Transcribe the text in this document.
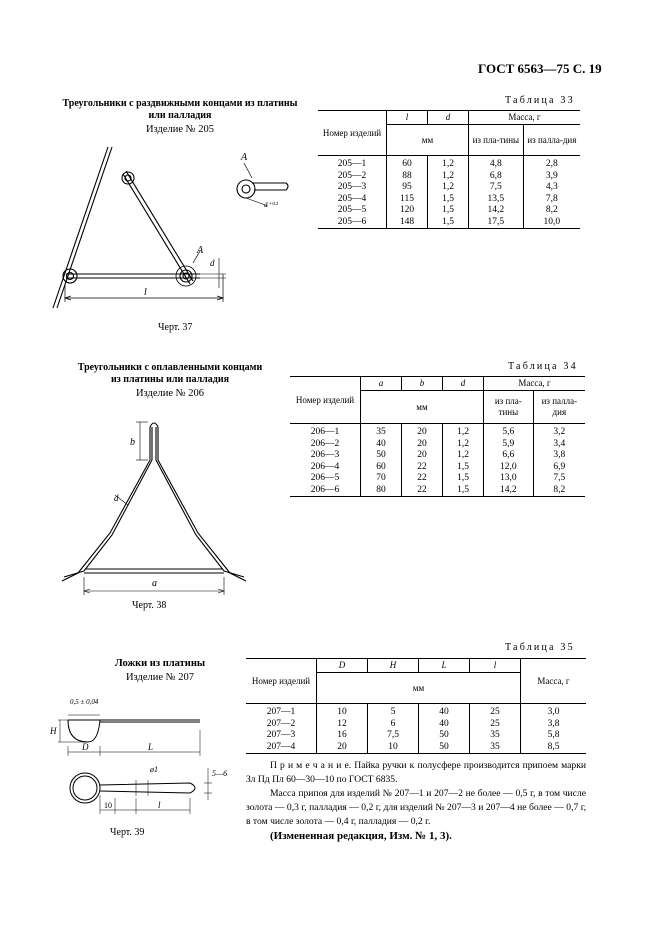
ГОСТ 6563—75 С. 19
Треугольники с раздвижными концами из платины
или палладия
Изделие № 205
А
А
d
l
d⁺⁰·³
Черт. 37
Таблица 33
Номер изделий	l	d	Масса, г	
	мм		из пла-тины	из палла-дия
205—1	60	1,2	4,8	2,8
205—2	88	1,2	6,8	3,9
205—3	95	1,2	7,5	4,3
205—4	115	1,5	13,5	7,8
205—5	120	1,5	14,2	8,2
205—6	148	1,5	17,5	10,0
Треугольники с оплавленными концами
из платины или палладия
Изделие № 206
b
a
d
Черт. 38
Таблица 34
Номер изделий	a	b	d	Масса, г	
	мм			из пла-тины	из палла-дия
206—1	35	20	1,2	5,6	3,2
206—2	40	20	1,2	5,9	3,4
206—3	50	20	1,2	6,6	3,8
206—4	60	22	1,5	12,0	6,9
206—5	70	22	1,5	13,0	7,5
206—6	80	22	1,5	14,2	8,2
Ложки из платины
Изделие № 207
0,5 ± 0,04
H
D	L
ø1	5—6
10	l
Черт. 39
Таблица 35
Номер изделий	D	H	L	l	Масса, г
	мм				
207—1	10	5	40	25	3,0
207—2	12	6	40	25	3,8
207—3	16	7,5	50	35	5,8
207—4	20	10	50	35	8,5
П р и м е ч а н и е. Пайка ручки к полусфере производится припоем марки Зл Пд Пл 60—30—10 по ГОСТ 6835.
Масса припоя для изделий № 207—1 и 207—2 не более — 0,5 г, в том числе золота — 0,3 г, палладия — 0,2 г, для изделий № 207—3 и 207—4 не более — 0,7 г, в том числе золота — 0,4 г, палладия — 0,2 г.
(Измененная редакция, Изм. № 1, 3).
